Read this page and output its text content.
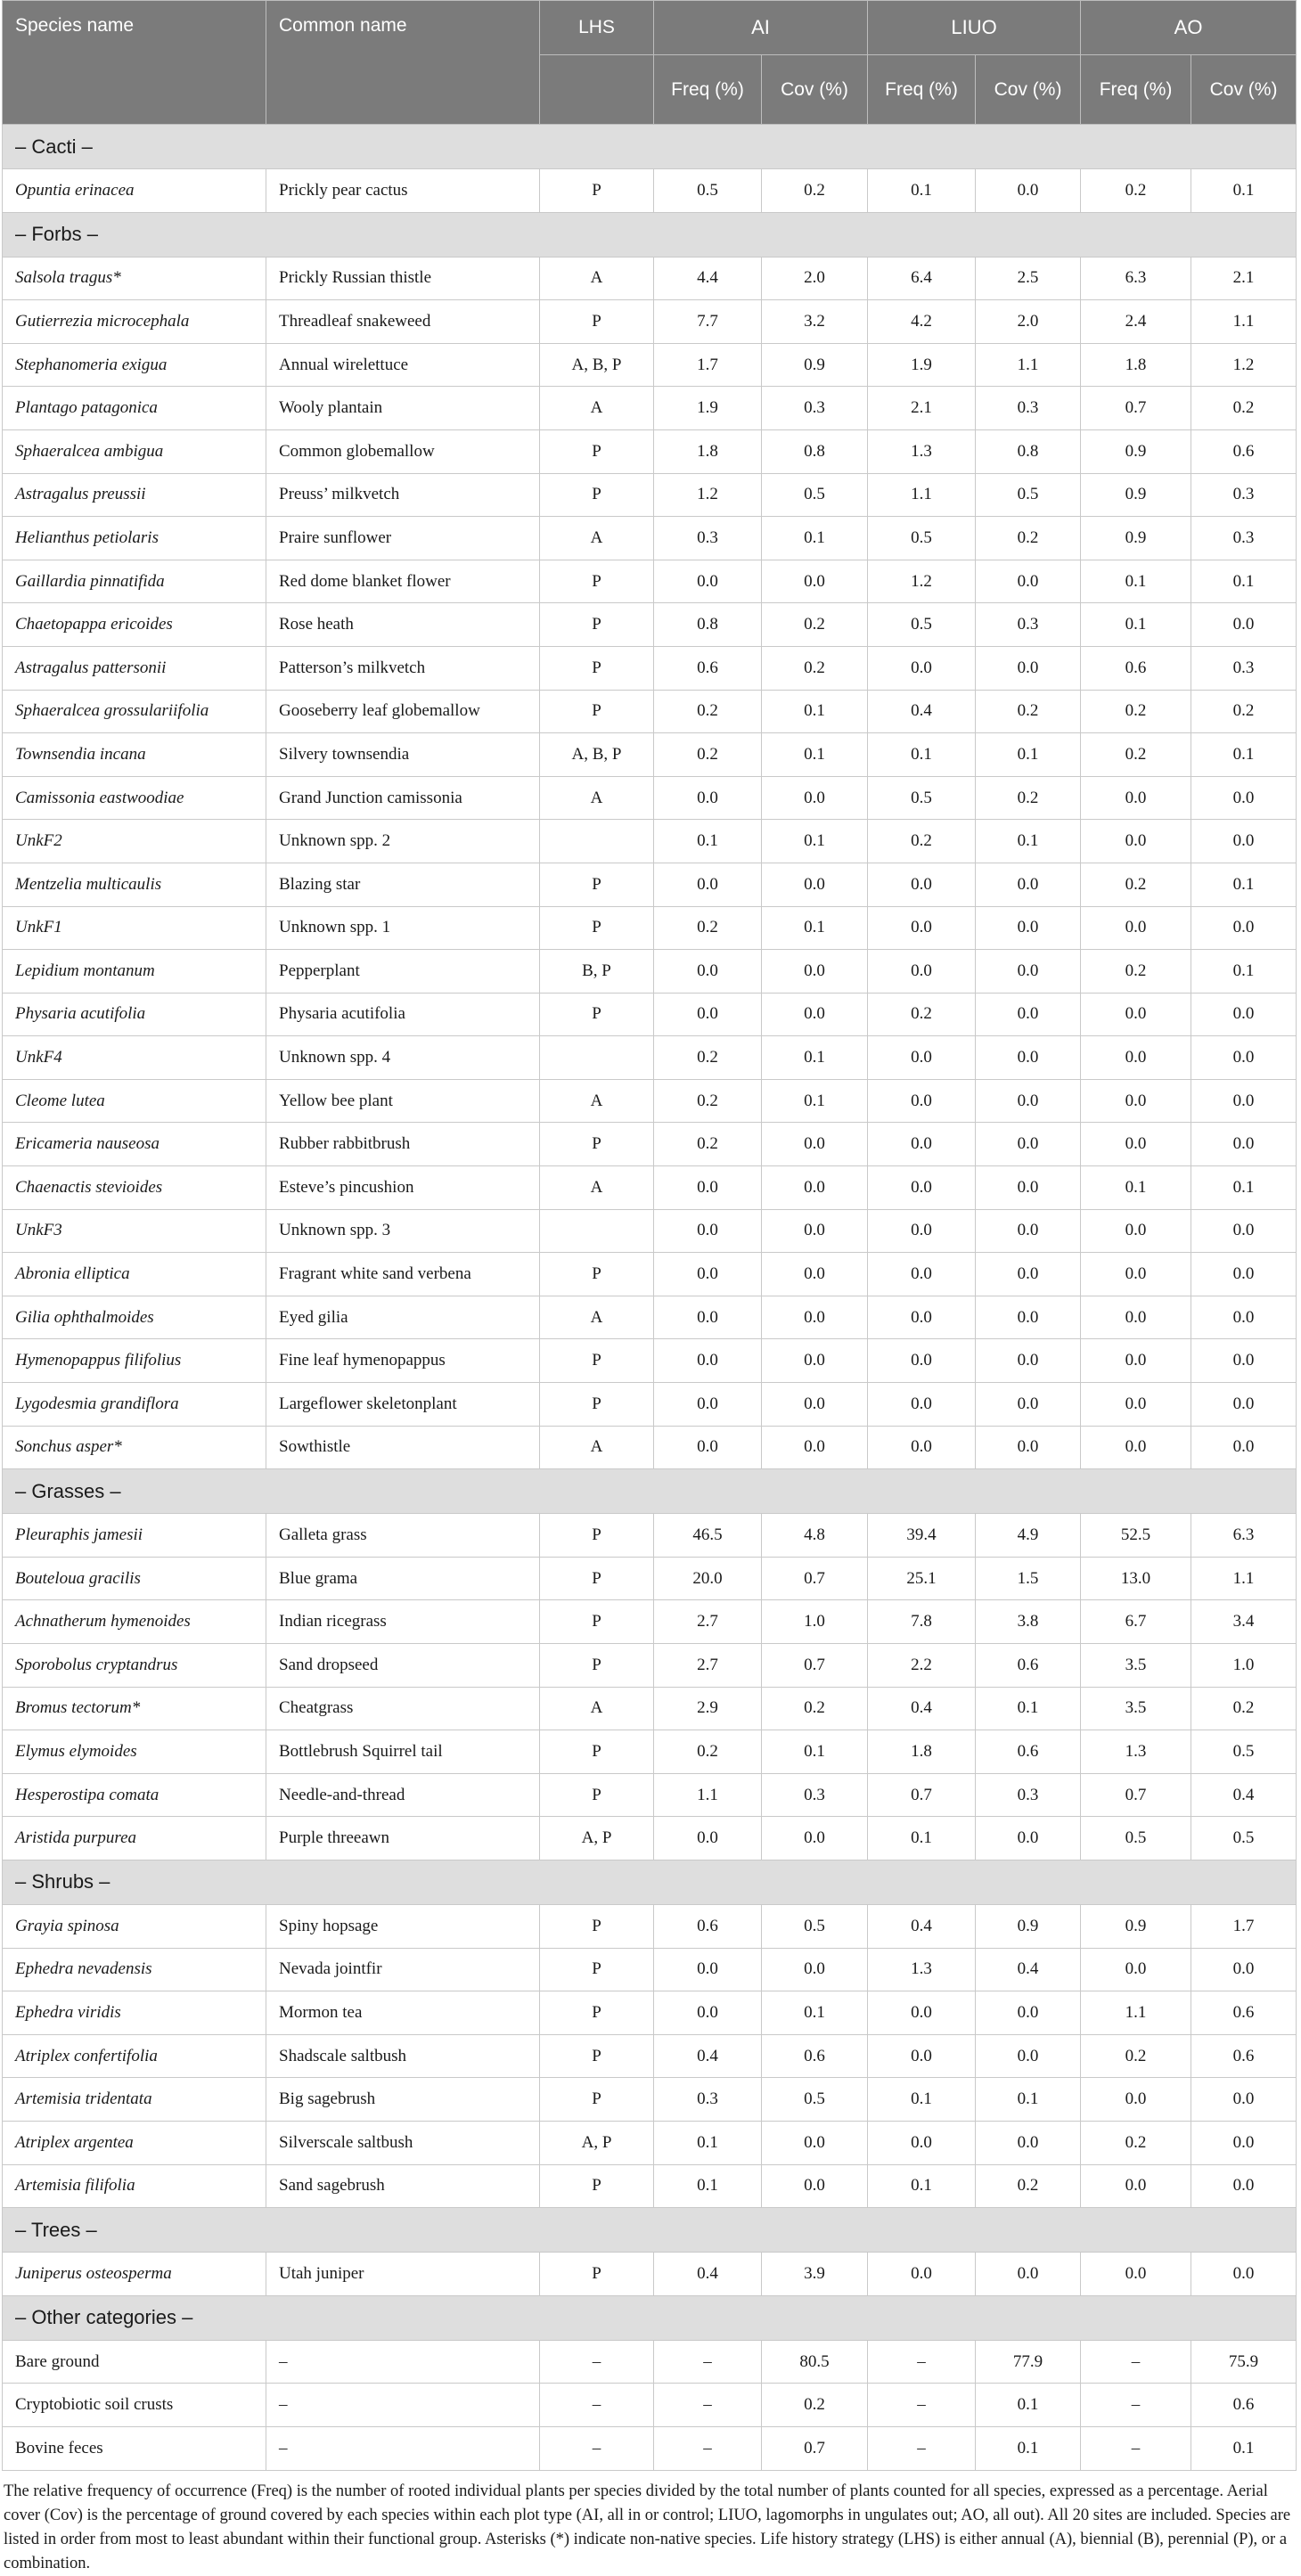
Species name	Common name	LHS	AI		LIUO		AO	
			Freq (%)	Cov (%)	Freq (%)	Cov (%)	Freq (%)	Cov (%)
– Cacti –								
Opuntia erinacea	Prickly pear cactus	P	0.5	0.2	0.1	0.0	0.2	0.1
– Forbs –								
Salsola tragus*	Prickly Russian thistle	A	4.4	2.0	6.4	2.5	6.3	2.1
Gutierrezia microcephala	Threadleaf snakeweed	P	7.7	3.2	4.2	2.0	2.4	1.1
Stephanomeria exigua	Annual wirelettuce	A, B, P	1.7	0.9	1.9	1.1	1.8	1.2
Plantago patagonica	Wooly plantain	A	1.9	0.3	2.1	0.3	0.7	0.2
Sphaeralcea ambigua	Common globemallow	P	1.8	0.8	1.3	0.8	0.9	0.6
Astragalus preussii	Preuss’ milkvetch	P	1.2	0.5	1.1	0.5	0.9	0.3
Helianthus petiolaris	Praire sunflower	A	0.3	0.1	0.5	0.2	0.9	0.3
Gaillardia pinnatifida	Red dome blanket flower	P	0.0	0.0	1.2	0.0	0.1	0.1
Chaetopappa ericoides	Rose heath	P	0.8	0.2	0.5	0.3	0.1	0.0
Astragalus pattersonii	Patterson’s milkvetch	P	0.6	0.2	0.0	0.0	0.6	0.3
Sphaeralcea grossulariifolia	Gooseberry leaf globemallow	P	0.2	0.1	0.4	0.2	0.2	0.2
Townsendia incana	Silvery townsendia	A, B, P	0.2	0.1	0.1	0.1	0.2	0.1
Camissonia eastwoodiae	Grand Junction camissonia	A	0.0	0.0	0.5	0.2	0.0	0.0
UnkF2	Unknown spp. 2		0.1	0.1	0.2	0.1	0.0	0.0
Mentzelia multicaulis	Blazing star	P	0.0	0.0	0.0	0.0	0.2	0.1
UnkF1	Unknown spp. 1	P	0.2	0.1	0.0	0.0	0.0	0.0
Lepidium montanum	Pepperplant	B, P	0.0	0.0	0.0	0.0	0.2	0.1
Physaria acutifolia	Physaria acutifolia	P	0.0	0.0	0.2	0.0	0.0	0.0
UnkF4	Unknown spp. 4		0.2	0.1	0.0	0.0	0.0	0.0
Cleome lutea	Yellow bee plant	A	0.2	0.1	0.0	0.0	0.0	0.0
Ericameria nauseosa	Rubber rabbitbrush	P	0.2	0.0	0.0	0.0	0.0	0.0
Chaenactis stevioides	Esteve’s pincushion	A	0.0	0.0	0.0	0.0	0.1	0.1
UnkF3	Unknown spp. 3		0.0	0.0	0.0	0.0	0.0	0.0
Abronia elliptica	Fragrant white sand verbena	P	0.0	0.0	0.0	0.0	0.0	0.0
Gilia ophthalmoides	Eyed gilia	A	0.0	0.0	0.0	0.0	0.0	0.0
Hymenopappus filifolius	Fine leaf hymenopappus	P	0.0	0.0	0.0	0.0	0.0	0.0
Lygodesmia grandiflora	Largeflower skeletonplant	P	0.0	0.0	0.0	0.0	0.0	0.0
Sonchus asper*	Sowthistle	A	0.0	0.0	0.0	0.0	0.0	0.0
– Grasses –								
Pleuraphis jamesii	Galleta grass	P	46.5	4.8	39.4	4.9	52.5	6.3
Bouteloua gracilis	Blue grama	P	20.0	0.7	25.1	1.5	13.0	1.1
Achnatherum hymenoides	Indian ricegrass	P	2.7	1.0	7.8	3.8	6.7	3.4
Sporobolus cryptandrus	Sand dropseed	P	2.7	0.7	2.2	0.6	3.5	1.0
Bromus tectorum*	Cheatgrass	A	2.9	0.2	0.4	0.1	3.5	0.2
Elymus elymoides	Bottlebrush Squirrel tail	P	0.2	0.1	1.8	0.6	1.3	0.5
Hesperostipa comata	Needle-and-thread	P	1.1	0.3	0.7	0.3	0.7	0.4
Aristida purpurea	Purple threeawn	A, P	0.0	0.0	0.1	0.0	0.5	0.5
– Shrubs –								
Grayia spinosa	Spiny hopsage	P	0.6	0.5	0.4	0.9	0.9	1.7
Ephedra nevadensis	Nevada jointfir	P	0.0	0.0	1.3	0.4	0.0	0.0
Ephedra viridis	Mormon tea	P	0.0	0.1	0.0	0.0	1.1	0.6
Atriplex confertifolia	Shadscale saltbush	P	0.4	0.6	0.0	0.0	0.2	0.6
Artemisia tridentata	Big sagebrush	P	0.3	0.5	0.1	0.1	0.0	0.0
Atriplex argentea	Silverscale saltbush	A, P	0.1	0.0	0.0	0.0	0.2	0.0
Artemisia filifolia	Sand sagebrush	P	0.1	0.0	0.1	0.2	0.0	0.0
– Trees –								
Juniperus osteosperma	Utah juniper	P	0.4	3.9	0.0	0.0	0.0	0.0
– Other categories –								
Bare ground	–	–	–	80.5	–	77.9	–	75.9
Cryptobiotic soil crusts	–	–	–	0.2	–	0.1	–	0.6
Bovine feces	–	–	–	0.7	–	0.1	–	0.1

The relative frequency of occurrence (Freq) is the number of rooted individual plants per species divided by the total number of plants counted for all species, expressed as a percentage. Aerial cover (Cov) is the percentage of ground covered by each species within each plot type (AI, all in or control; LIUO, lagomorphs in ungulates out; AO, all out). All 20 sites are included. Species are listed in order from most to least abundant within their functional group. Asterisks (*) indicate non-native species. Life history strategy (LHS) is either annual (A), biennial (B), perennial (P), or a combination.
